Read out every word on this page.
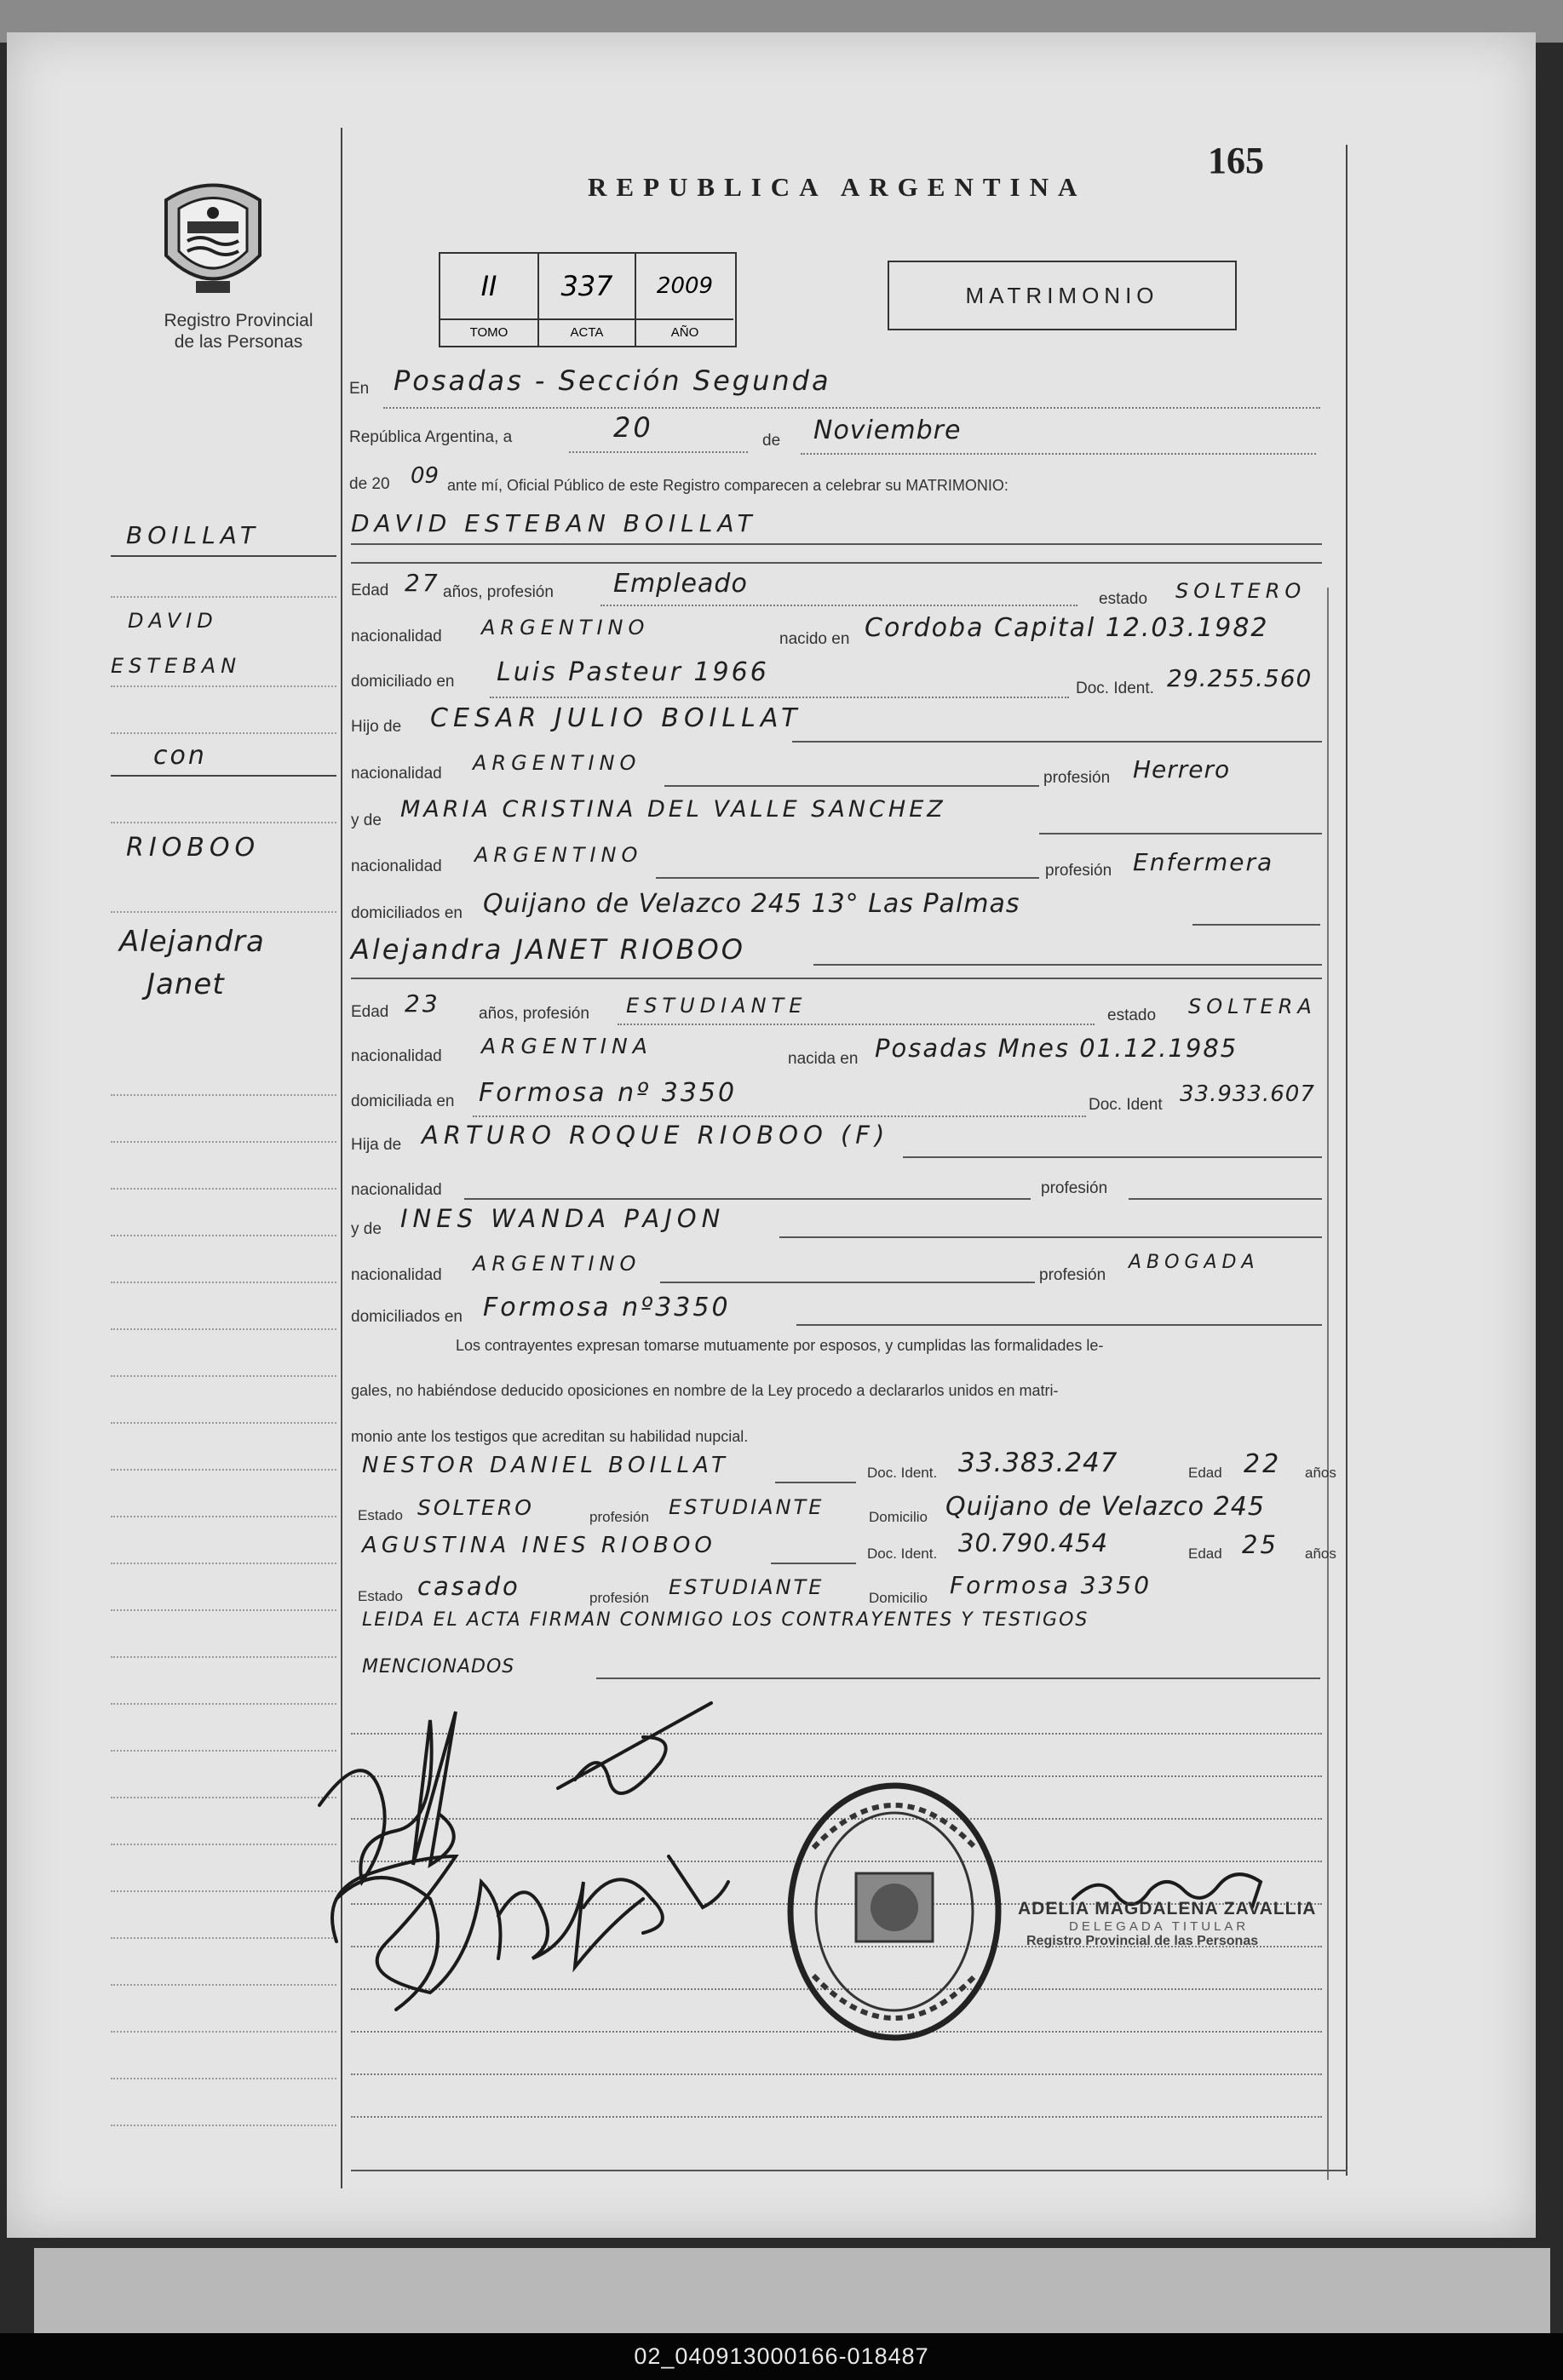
02_040913000166-018487
Registro Provincial
de las Personas
REPUBLICA ARGENTINA
165
MATRIMONIO
II	337	2009
TOMO	ACTA	AÑO
BOILLAT
DAVID
ESTEBAN
con
RIOBOO
Alejandra
Janet
En Posadas - Sección Segunda
República Argentina, a	20	de Noviembre
de 20 09 ante mí, Oficial Público de este Registro comparecen a celebrar su MATRIMONIO:
DAVID ESTEBAN BOILLAT
Edad 27 años, profesión Empleado
estado SOLTERO
nacionalidad ARGENTINO	nacido en Cordoba Capital 12.03.1982
domiciliado en Luis Pasteur 1966
Doc. Ident. 29.255.560
Hijo de CESAR JULIO BOILLAT
nacionalidad ARGENTINO
profesión Herrero
y de MARIA CRISTINA DEL VALLE SANCHEZ
nacionalidad ARGENTINO
profesión Enfermera
domiciliados en Quijano de Velazco 245 13° Las Palmas
Alejandra JANET RIOBOO
Edad 23 años, profesión ESTUDIANTE	estado SOLTERA
nacionalidad ARGENTINA
nacida en Posadas Mnes 01.12.1985
domiciliada en Formosa nº 3350	Doc. Ident 33.933.607
Hija de ARTURO ROQUE RIOBOO (F)
nacionalidad	profesión
y de INES WANDA PAJON
nacionalidad ARGENTINO	profesión
ABOGADA
domiciliados en Formosa nº3350
Los contrayentes expresan tomarse mutuamente por esposos, y cumplidas las formalidades le-
gales, no habiéndose deducido oposiciones en nombre de la Ley procedo a declararlos unidos en matri-
monio ante los testigos que acreditan su habilidad nupcial.
NESTOR DANIEL BOILLAT	Doc. Ident. 33.383.247	Edad 22 años
Estado SOLTERO	profesión ESTUDIANTE	Domicilio Quijano de Velazco 245
AGUSTINA INES RIOBOO	Doc. Ident. 30.790.454	Edad 25 años
Estado casado	profesión ESTUDIANTE	Domicilio Formosa 3350
LEIDA EL ACTA FIRMAN CONMIGO LOS CONTRAYENTES Y TESTIGOS
MENCIONADOS
ADELIA MAGDALENA ZAVALLIA
DELEGADA TITULAR
Registro Provincial de las Personas
